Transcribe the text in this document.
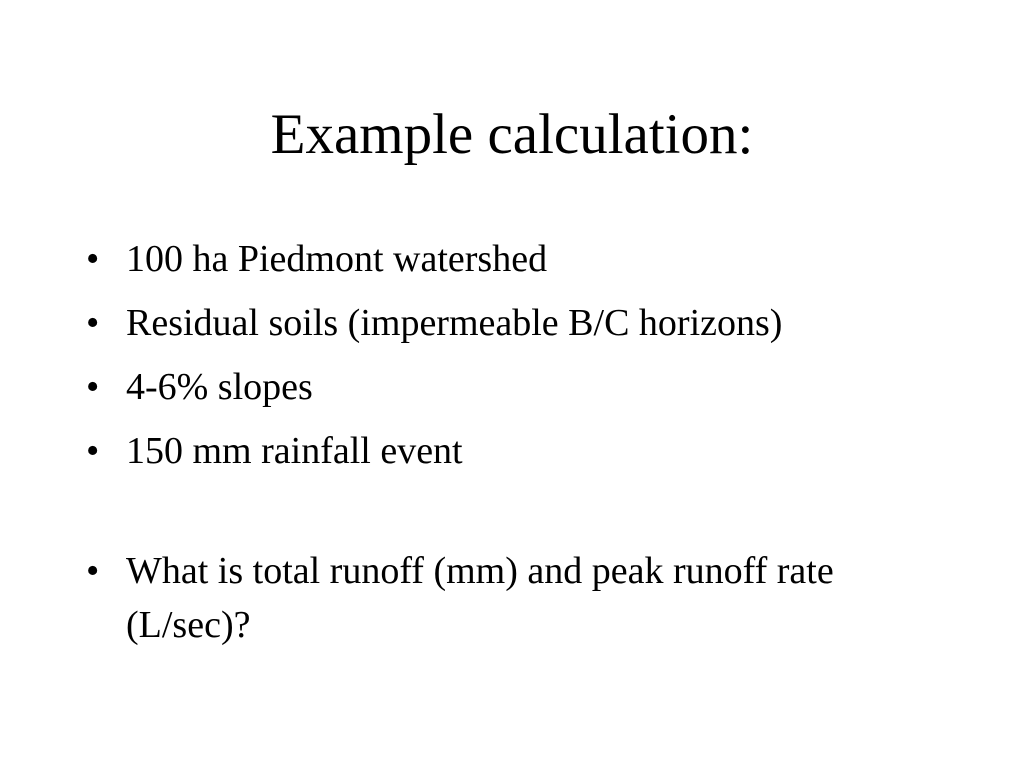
Example calculation:
• 100 ha Piedmont watershed
• Residual soils (impermeable B/C horizons)
• 4-6% slopes
• 150 mm rainfall event
• What is total runoff (mm) and peak runoff rate (L/sec)?
